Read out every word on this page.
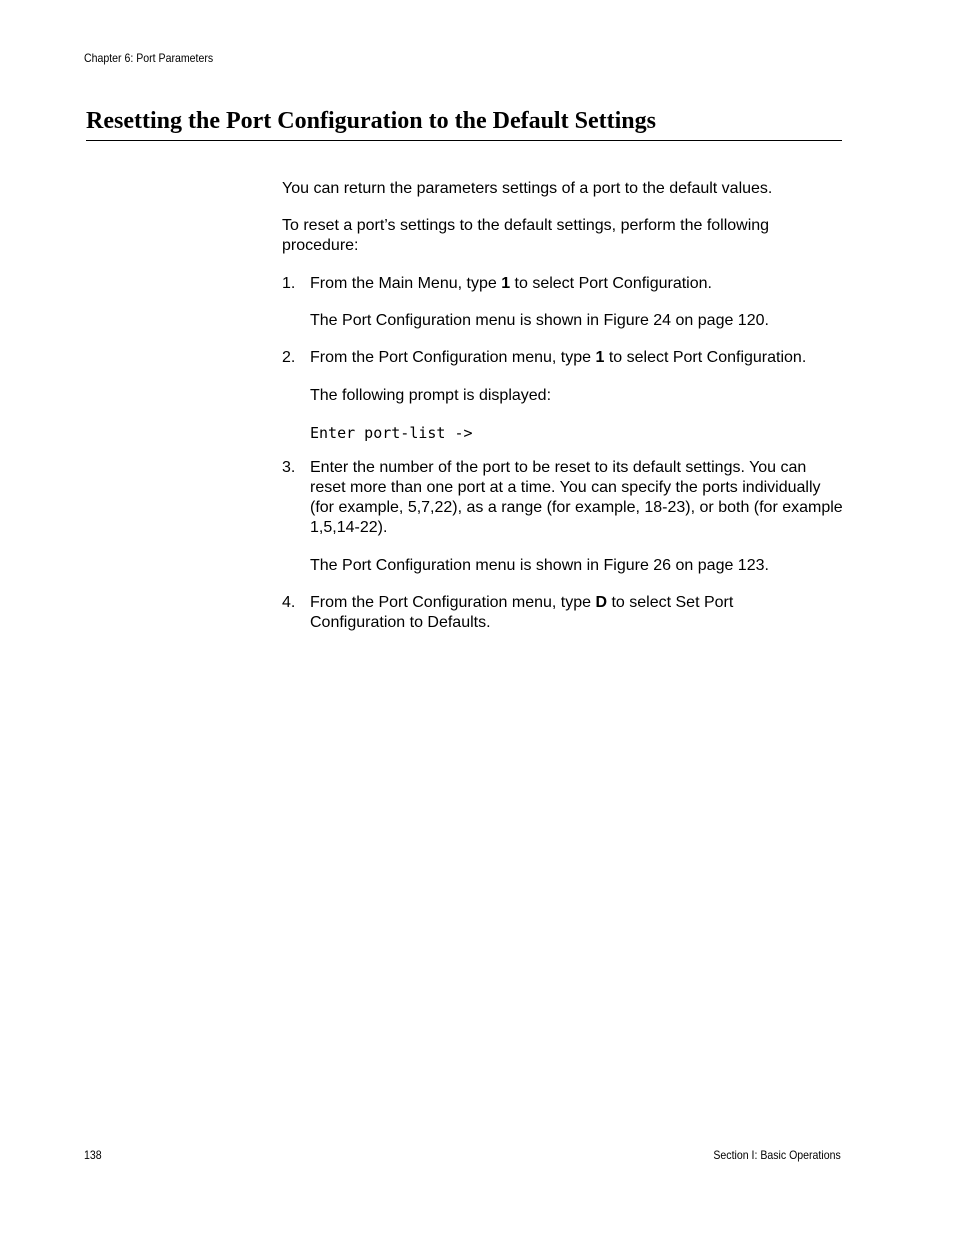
Chapter 6: Port Parameters
Resetting the Port Configuration to the Default Settings

You can return the parameters settings of a port to the default values.

To reset a port’s settings to the default settings, perform the following procedure:

1. From the Main Menu, type 1 to select Port Configuration.
The Port Configuration menu is shown in Figure 24 on page 120.
2. From the Port Configuration menu, type 1 to select Port Configuration.
The following prompt is displayed:
Enter port-list ->
3. Enter the number of the port to be reset to its default settings. You can reset more than one port at a time. You can specify the ports individually (for example, 5,7,22), as a range (for example, 18-23), or both (for example 1,5,14-22).
The Port Configuration menu is shown in Figure 26 on page 123.
4. From the Port Configuration menu, type D to select Set Port Configuration to Defaults.
138	Section I: Basic Operations
